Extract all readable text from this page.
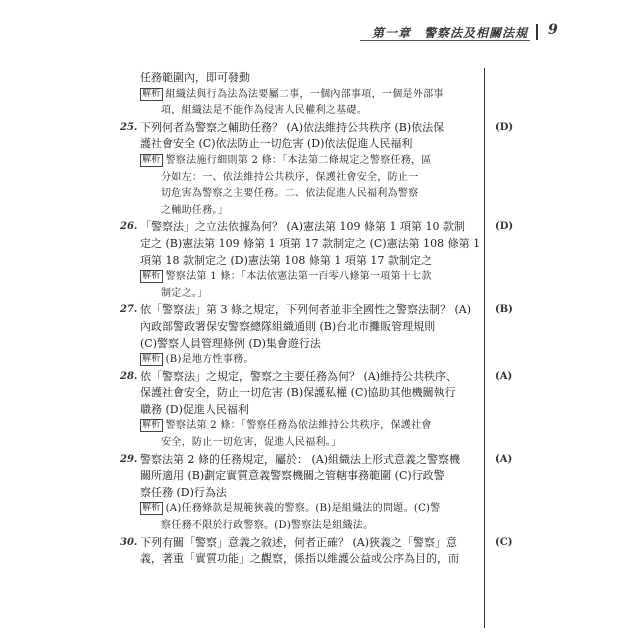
第一章　警察法及相關法規 9
任務範圍內，即可發動
解析 組織法與行為法為法要屬二事，一個內部事項，一個是外部事
項，組織法是不能作為侵害人民權利之基礎。
25.	(D)
下列何者為警察之輔助任務？ (A)依法維持公共秩序 (B)依法保
護社會安全 (C)依法防止一切危害 (D)依法促進人民福利
解析 警察法施行細則第 2 條：「本法第二條規定之警察任務，區
分如左：一、依法維持公共秩序，保護社會安全，防止一
切危害為警察之主要任務。二、依法促進人民福利為警察
之輔助任務。」
26.	(D)
「警察法」之立法依據為何？ (A)憲法第 109 條第 1 項第 10 款制
定之 (B)憲法第 109 條第 1 項第 17 款制定之 (C)憲法第 108 條第 1
項第 18 款制定之 (D)憲法第 108 條第 1 項第 17 款制定之
解析 警察法第 1 條：「本法依憲法第一百零八條第一項第十七款
制定之。」
27.	(B)
依「警察法」第 3 條之規定，下列何者並非全國性之警察法制？ (A)
內政部警政署保安警察總隊組織通則 (B)台北市攤販管理規則
(C)警察人員管理條例 (D)集會遊行法
解析 (B)是地方性事務。
28.	(A)
依「警察法」之規定，警察之主要任務為何？ (A)維持公共秩序、
保護社會安全，防止一切危害 (B)保護私權 (C)協助其他機關執行
職務 (D)促進人民福利
解析 警察法第 2 條：「警察任務為依法維持公共秩序，保護社會
安全，防止一切危害，促進人民福利。」
29.	(A)
警察法第 2 條的任務規定，屬於： (A)組織法上形式意義之警察機
關所適用 (B)劃定實質意義警察機關之管轄事務範圍 (C)行政警
察任務 (D)行為法
解析 (A)任務條款是規範狹義的警察。(B)是組織法的問題。(C)警
察任務不限於行政警察。(D)警察法是組織法。
30.	(C)
下列有關「警察」意義之敘述，何者正確？ (A)狹義之「警察」意
義，著重「實質功能」之觀察，係指以維護公益或公序為目的，而
